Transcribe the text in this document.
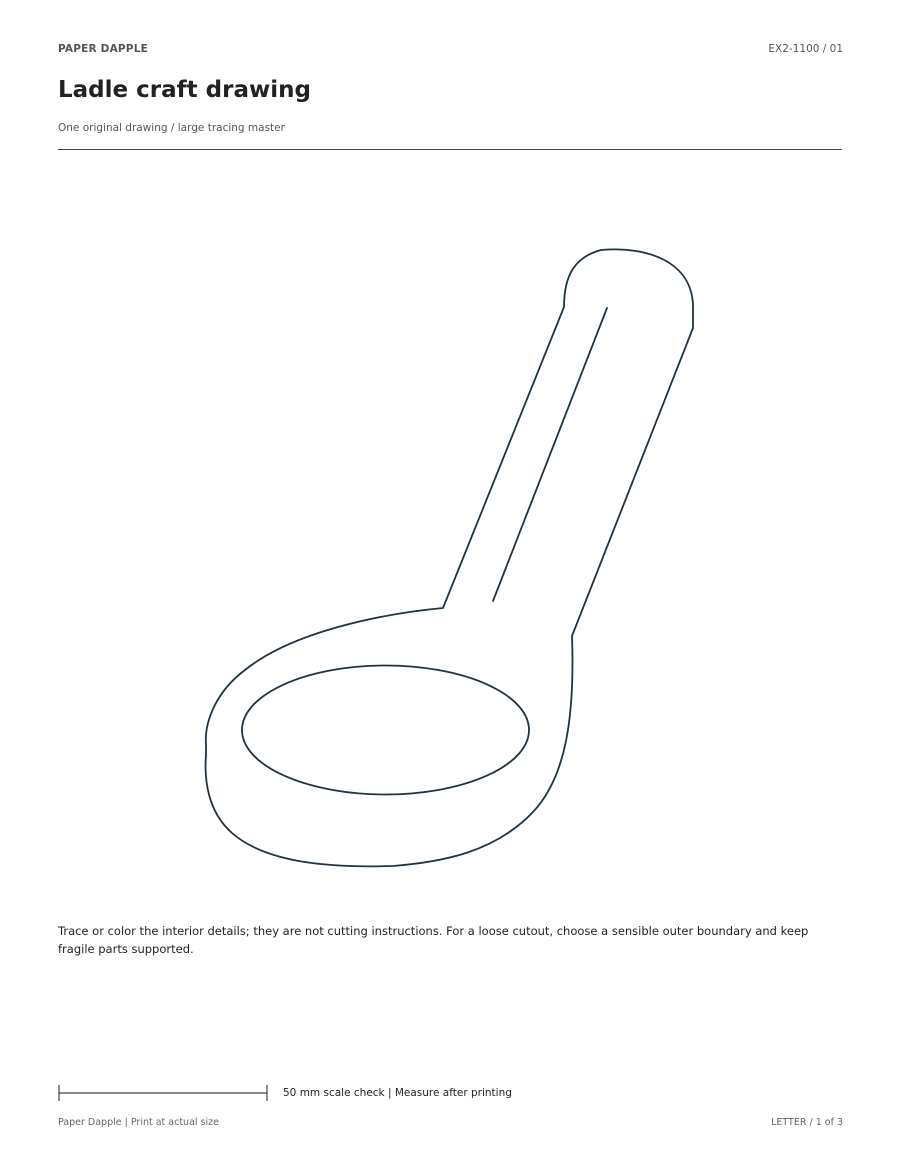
PAPER DAPPLE	EX2-1100 / 01
Ladle craft drawing
One original drawing / large tracing master

Trace or color the interior details; they are not cutting instructions. For a loose cutout, choose a sensible outer boundary and keep fragile parts supported.

50 mm scale check | Measure after printing
Paper Dapple | Print at actual size	LETTER / 1 of 3
